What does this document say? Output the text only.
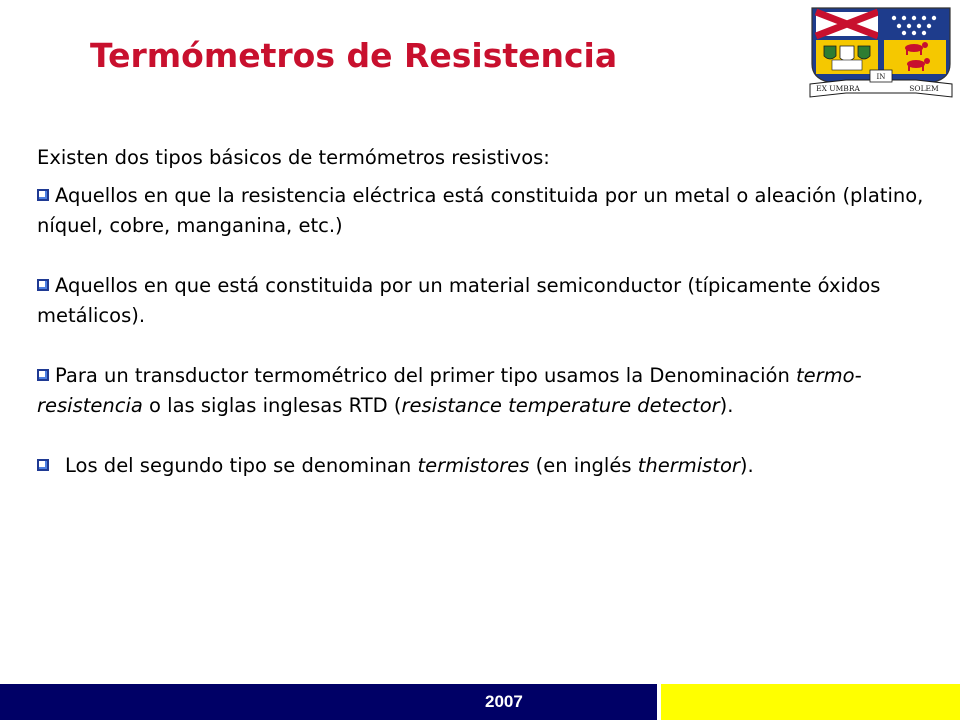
Termómetros de Resistencia
IN
EX UMBRA	SOLEM

Existen dos tipos básicos de termómetros resistivos:

Aquellos en que la resistencia eléctrica está constituida por un metal o aleación (platino, níquel, cobre, manganina, etc.)

Aquellos en que está constituida por un material semiconductor (típicamente óxidos metálicos).

Para un transductor termométrico del primer tipo usamos la Denominación termo-resistencia o las siglas inglesas RTD (resistance temperature detector).

Los del segundo tipo se denominan termistores (en inglés thermistor).

2007
